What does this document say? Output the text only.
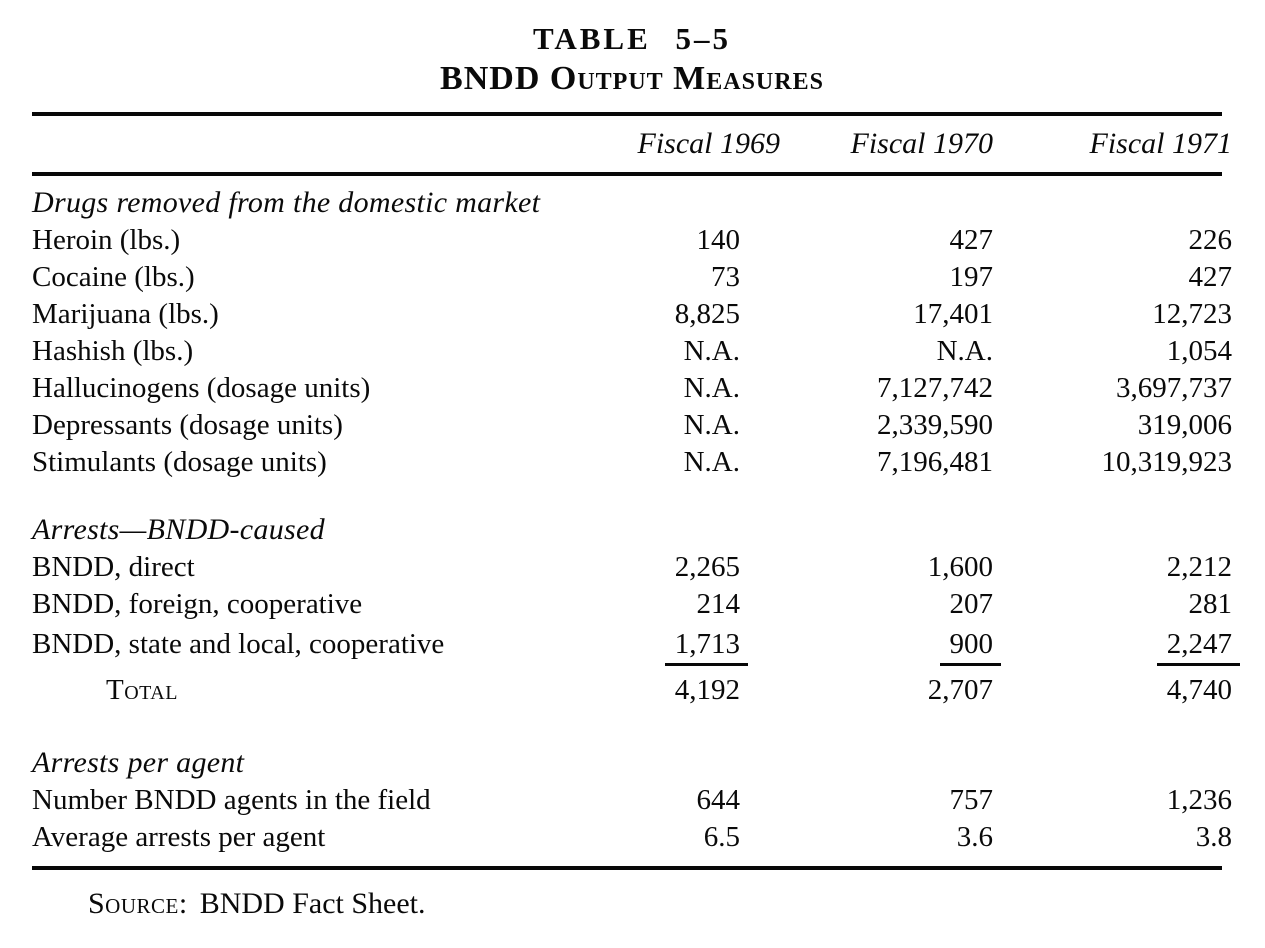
TABLE 5–5
BNDD Output Measures
Fiscal 1969	Fiscal 1970	Fiscal 1971
Drugs removed from the domestic market
Heroin (lbs.)	140	427	226
Cocaine (lbs.)	73	197	427
Marijuana (lbs.)	8,825	17,401	12,723
Hashish (lbs.)	N.A.	N.A.	1,054
Hallucinogens (dosage units)	N.A.	7,127,742	3,697,737
Depressants (dosage units)	N.A.	2,339,590	319,006
Stimulants (dosage units)	N.A.	7,196,481	10,319,923
Arrests—BNDD-caused
BNDD, direct	2,265	1,600	2,212
BNDD, foreign, cooperative	214	207	281
BNDD, state and local, cooperative	1,713	900	2,247
Total	4,192	2,707	4,740
Arrests per agent
Number BNDD agents in the field	644	757	1,236
Average arrests per agent	6.5	3.6	3.8
Source: BNDD Fact Sheet.
